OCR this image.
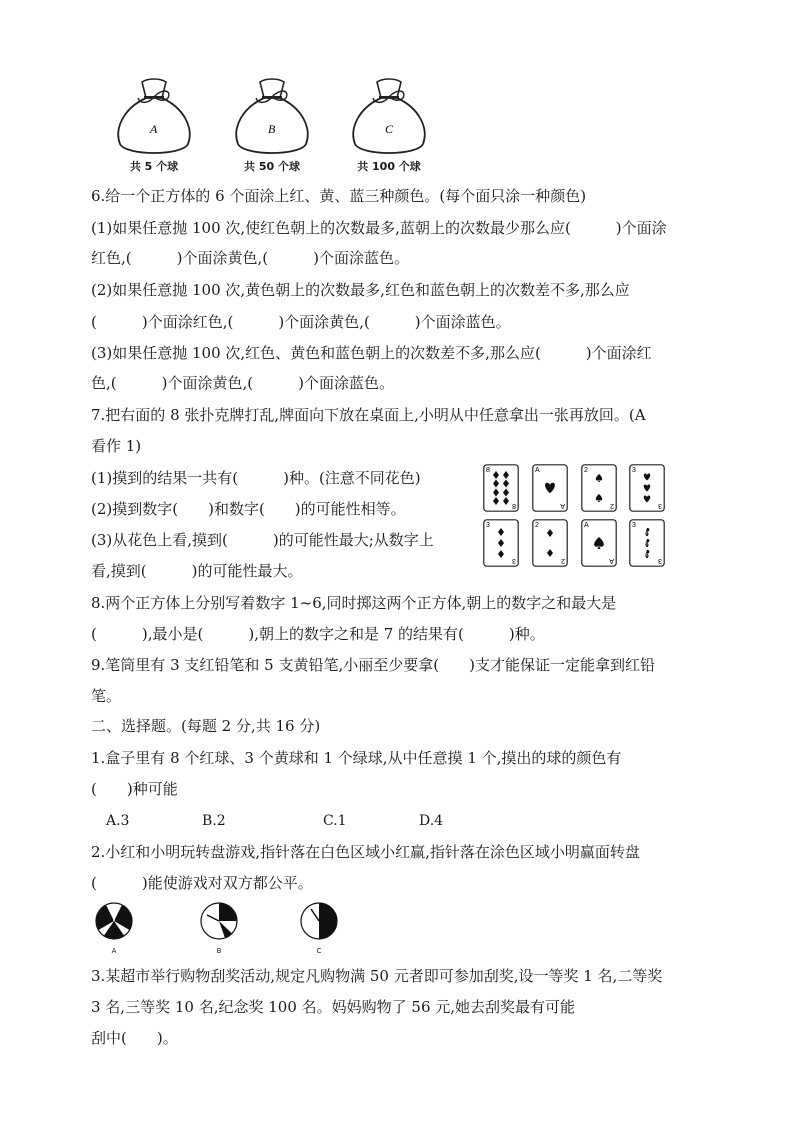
A
共 5 个球
B
共 50 个球
C
共 100 个球
6.给一个正方体的 6 个面涂上红、黄、蓝三种颜色。(每个面只涂一种颜色)
(1)如果任意抛 100 次,使红色朝上的次数最多,蓝朝上的次数最少那么应(　　　)个面涂
红色,(　　　)个面涂黄色,(　　　)个面涂蓝色。
(2)如果任意抛 100 次,黄色朝上的次数最多,红色和蓝色朝上的次数差不多,那么应
(　　　)个面涂红色,(　　　)个面涂黄色,(　　　)个面涂蓝色。
(3)如果任意抛 100 次,红色、黄色和蓝色朝上的次数差不多,那么应(　　　)个面涂红
色,(　　　)个面涂黄色,(　　　)个面涂蓝色。
7.把右面的 8 张扑克牌打乱,牌面向下放在桌面上,小明从中任意拿出一张再放回。(A
看作 1)
(1)摸到的结果一共有(　　　)种。(注意不同花色)
(2)摸到数字(　　)和数字(　　)的可能性相等。
(3)从花色上看,摸到(　　　)的可能性最大;从数字上
看,摸到(　　　)的可能性最大。
8.两个正方体上分别写着数字 1~6,同时掷这两个正方体,朝上的数字之和最大是
(　　　),最小是(　　　),朝上的数字之和是 7 的结果有(　　　)种。
9.笔筒里有 3 支红铅笔和 5 支黄铅笔,小丽至少要拿(　　)支才能保证一定能拿到红铅
笔。
二、选择题。(每题 2 分,共 16 分)
1.盒子里有 8 个红球、3 个黄球和 1 个绿球,从中任意摸 1 个,摸出的球的颜色有
(　　)种可能
2.小红和小明玩转盘游戏,指针落在白色区域小红赢,指针落在涂色区域小明赢面转盘
(　　　)能使游戏对双方都公平。
3.某超市举行购物刮奖活动,规定凡购物满 50 元者即可参加刮奖,设一等奖 1 名,二等奖
3 名,三等奖 10 名,纪念奖 100 名。妈妈购物了 56 元,她去刮奖最有可能
刮中(　　)。
A.3	B.2	C.1	D.4
8
8
A
A
2
2
3
3
3
3
2
2
A
A
3
3
A	B	C
